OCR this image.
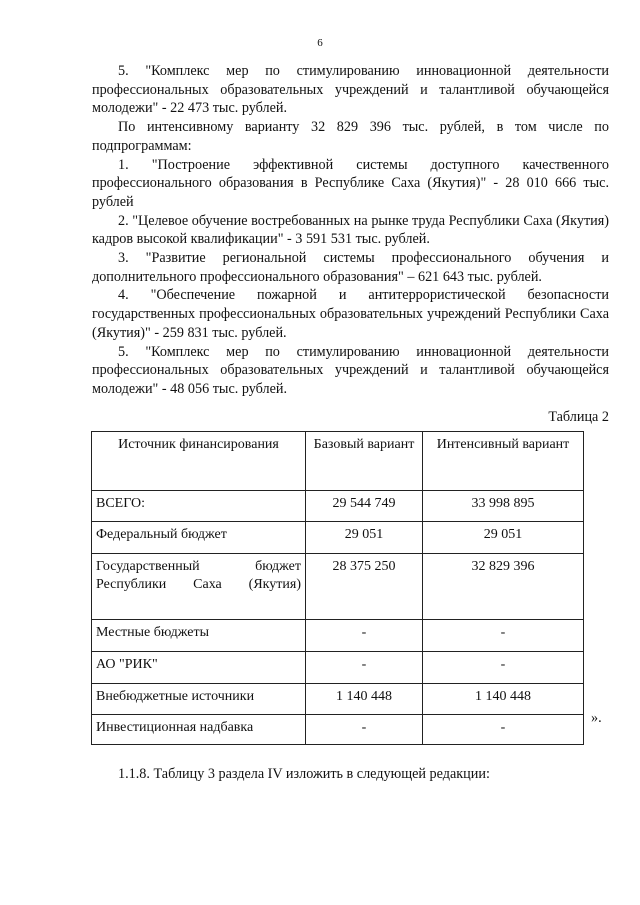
6

5. "Комплекс мер по стимулированию инновационной деятельности профессиональных образовательных учреждений и талантливой обучающейся молодежи" - 22 473 тыс. рублей.

По интенсивному варианту 32 829 396 тыс. рублей, в том числе по подпрограммам:

1. "Построение эффективной системы доступного качественного профессионального образования в Республике Саха (Якутия)" - 28 010 666 тыс. рублей

2. "Целевое обучение востребованных на рынке труда Республики Саха (Якутия) кадров высокой квалификации" - 3 591 531 тыс. рублей.

3. "Развитие региональной системы профессионального обучения и дополнительного профессионального образования" – 621 643 тыс. рублей.

4. "Обеспечение пожарной и антитеррористической безопасности государственных профессиональных образовательных учреждений Республики Саха (Якутия)" - 259 831 тыс. рублей.

5. "Комплекс мер по стимулированию инновационной деятельности профессиональных образовательных учреждений и талантливой обучающейся молодежи" - 48 056 тыс. рублей.

Таблица 2
Источник финансирования	Базовый вариант	Интенсивный вариант
ВСЕГО:	29 544 749	33 998 895
Федеральный бюджет	29 051	29 051
Государственный бюджет Республики Саха (Якутия)	28 375 250	32 829 396
Местные бюджеты	-	-
АО "РИК"	-	-
Внебюджетные источники	1 140 448	1 140 448
Инвестиционная надбавка	-	-
».
1.1.8. Таблицу 3 раздела IV изложить в следующей редакции:
